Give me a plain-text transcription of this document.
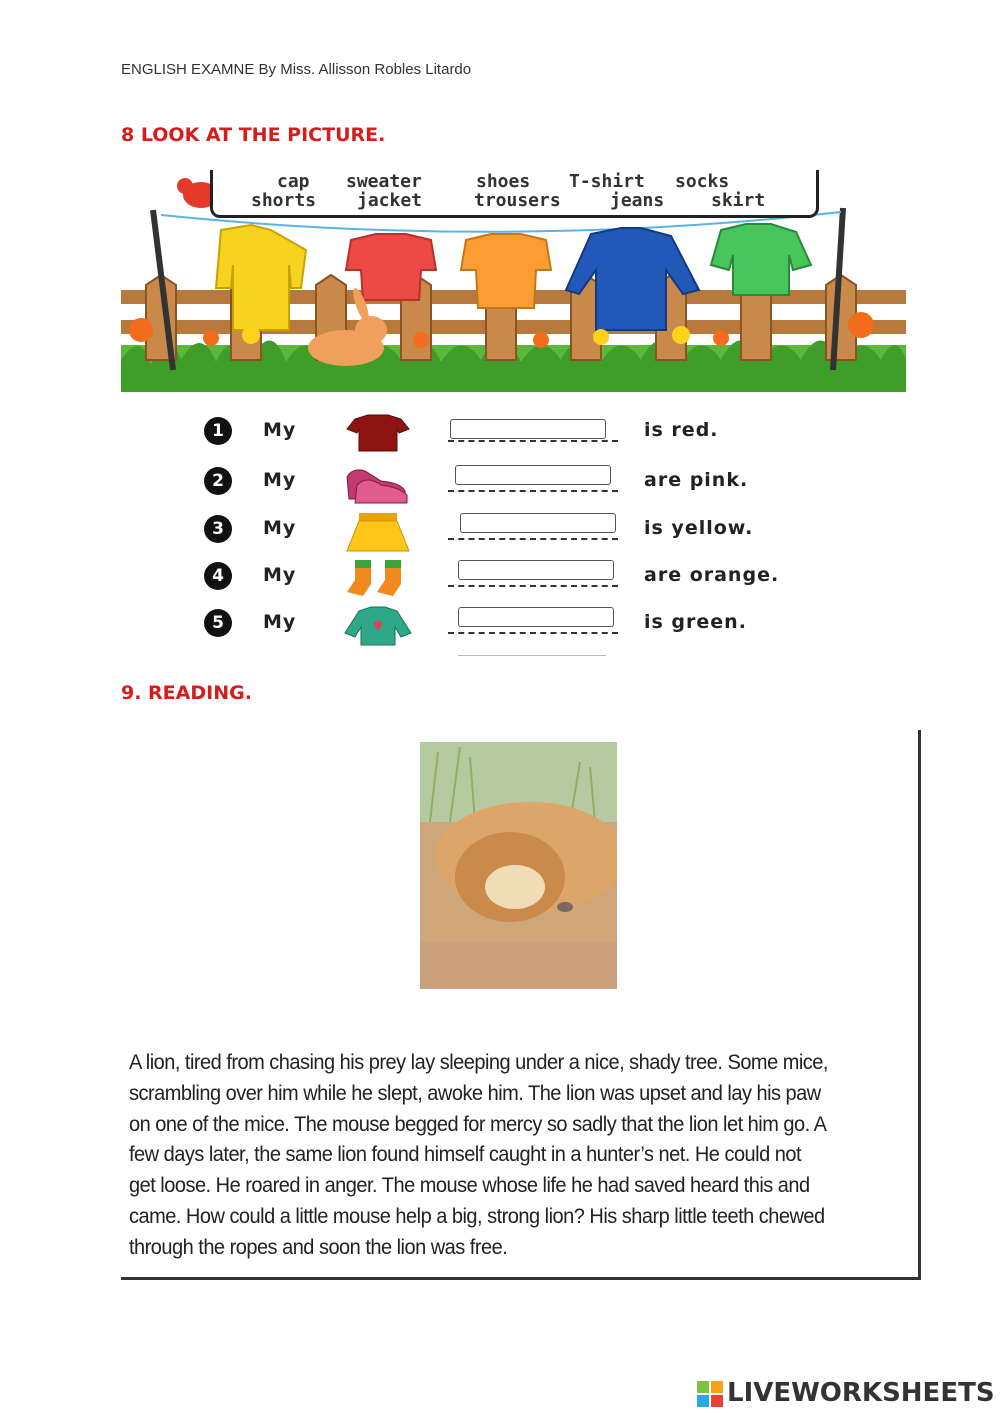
ENGLISH EXAMNE By Miss. Allisson Robles Litardo
8 LOOK AT THE PICTURE.
cap sweater	shoes T-shirt socks
shorts jacket	trousers	jeans	skirt
1	My	is red.
2	My	are pink.
3	My	is yellow.
4	My	are orange.
5	My	is green.
9. READING.
A lion, tired from chasing his prey lay sleeping under a nice, shady tree. Some mice,
scrambling over him while he slept, awoke him. The lion was upset and lay his paw
on one of the mice. The mouse begged for mercy so sadly that the lion let him go. A
few days later, the same lion found himself caught in a hunter’s net. He could not
get loose. He roared in anger. The mouse whose life he had saved heard this and
came. How could a little mouse help a big, strong lion? His sharp little teeth chewed
through the ropes and soon the lion was free.
LIVEWORKSHEETS
